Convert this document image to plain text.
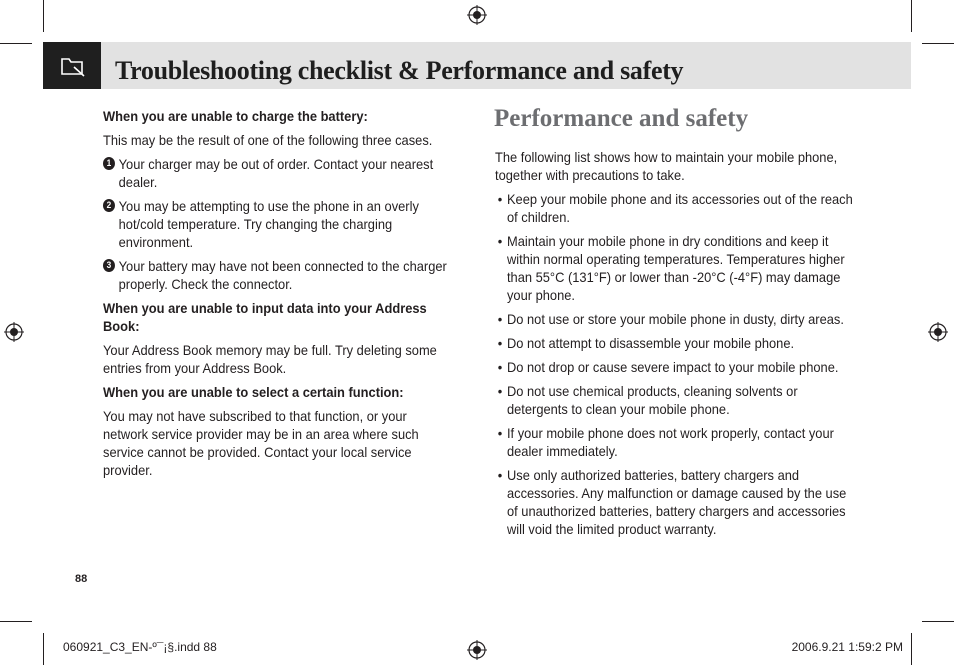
Troubleshooting checklist & Performance and safety

When you are unable to charge the battery:

This may be the result of one of the following three cases.

1 Your charger may be out of order. Contact your nearest dealer.
2 You may be attempting to use the phone in an overly hot/cold temperature. Try changing the charging environment.
3 Your battery may have not been connected to the charger properly. Check the connector.

When you are unable to input data into your Address Book:

Your Address Book memory may be full. Try deleting some entries from your Address Book.

When you are unable to select a certain function:

You may not have subscribed to that function, or your network service provider may be in an area where such service cannot be provided. Contact your local service provider.

Performance and safety

The following list shows how to maintain your mobile phone, together with precautions to take.

• Keep your mobile phone and its accessories out of the reach of children.
• Maintain your mobile phone in dry conditions and keep it within normal operating temperatures. Temperatures higher than 55°C (131°F) or lower than -20°C (-4°F) may damage your phone.
• Do not use or store your mobile phone in dusty, dirty areas.
• Do not attempt to disassemble your mobile phone.
• Do not drop or cause severe impact to your mobile phone.
• Do not use chemical products, cleaning solvents or detergents to clean your mobile phone.
• If your mobile phone does not work properly, contact your dealer immediately.
• Use only authorized batteries, battery chargers and accessories. Any malfunction or damage caused by the use of unauthorized batteries, battery chargers and accessories will void the limited product warranty.
88
060921_C3_EN-º¯¡§.indd 88	2006.9.21 1:59:2 PM
